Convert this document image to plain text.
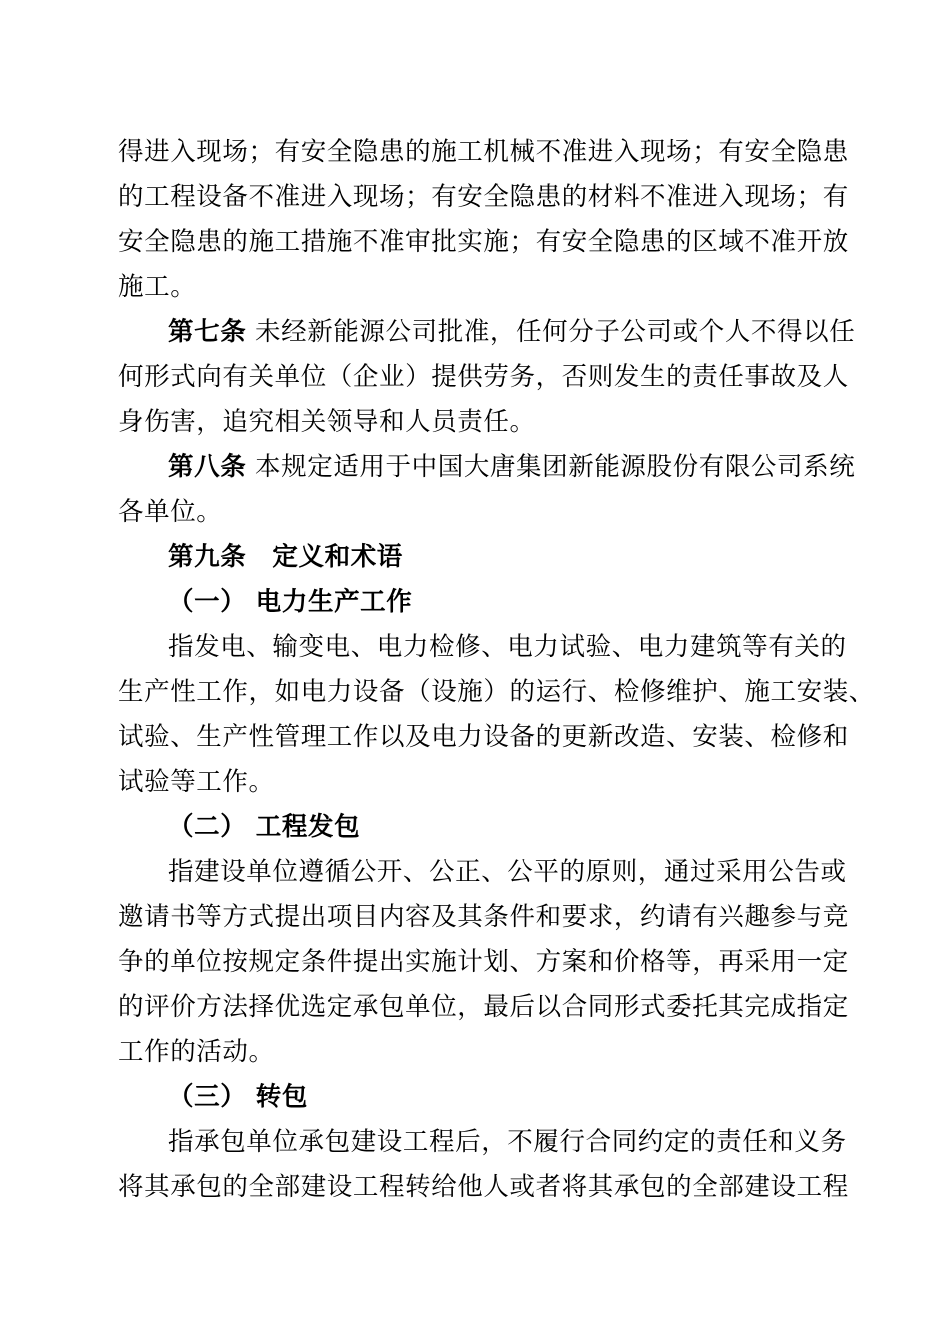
得进入现场；有安全隐患的施工机械不准进入现场；有安全隐患
的工程设备不准进入现场；有安全隐患的材料不准进入现场；有
安全隐患的施工措施不准审批实施；有安全隐患的区域不准开放
施工。
第七条 未经新能源公司批准，任何分子公司或个人不得以任
何形式向有关单位（企业）提供劳务，否则发生的责任事故及人
身伤害，追究相关领导和人员责任。
第八条 本规定适用于中国大唐集团新能源股份有限公司系统
各单位。
第九条　定义和术语
（一） 电力生产工作
指发电、输变电、电力检修、电力试验、电力建筑等有关的
生产性工作，如电力设备（设施）的运行、检修维护、施工安装、
试验、生产性管理工作以及电力设备的更新改造、安装、检修和
试验等工作。
（二） 工程发包
指建设单位遵循公开、公正、公平的原则，通过采用公告或
邀请书等方式提出项目内容及其条件和要求，约请有兴趣参与竞
争的单位按规定条件提出实施计划、方案和价格等，再采用一定
的评价方法择优选定承包单位，最后以合同形式委托其完成指定
工作的活动。
（三） 转包
指承包单位承包建设工程后，不履行合同约定的责任和义务
将其承包的全部建设工程转给他人或者将其承包的全部建设工程
